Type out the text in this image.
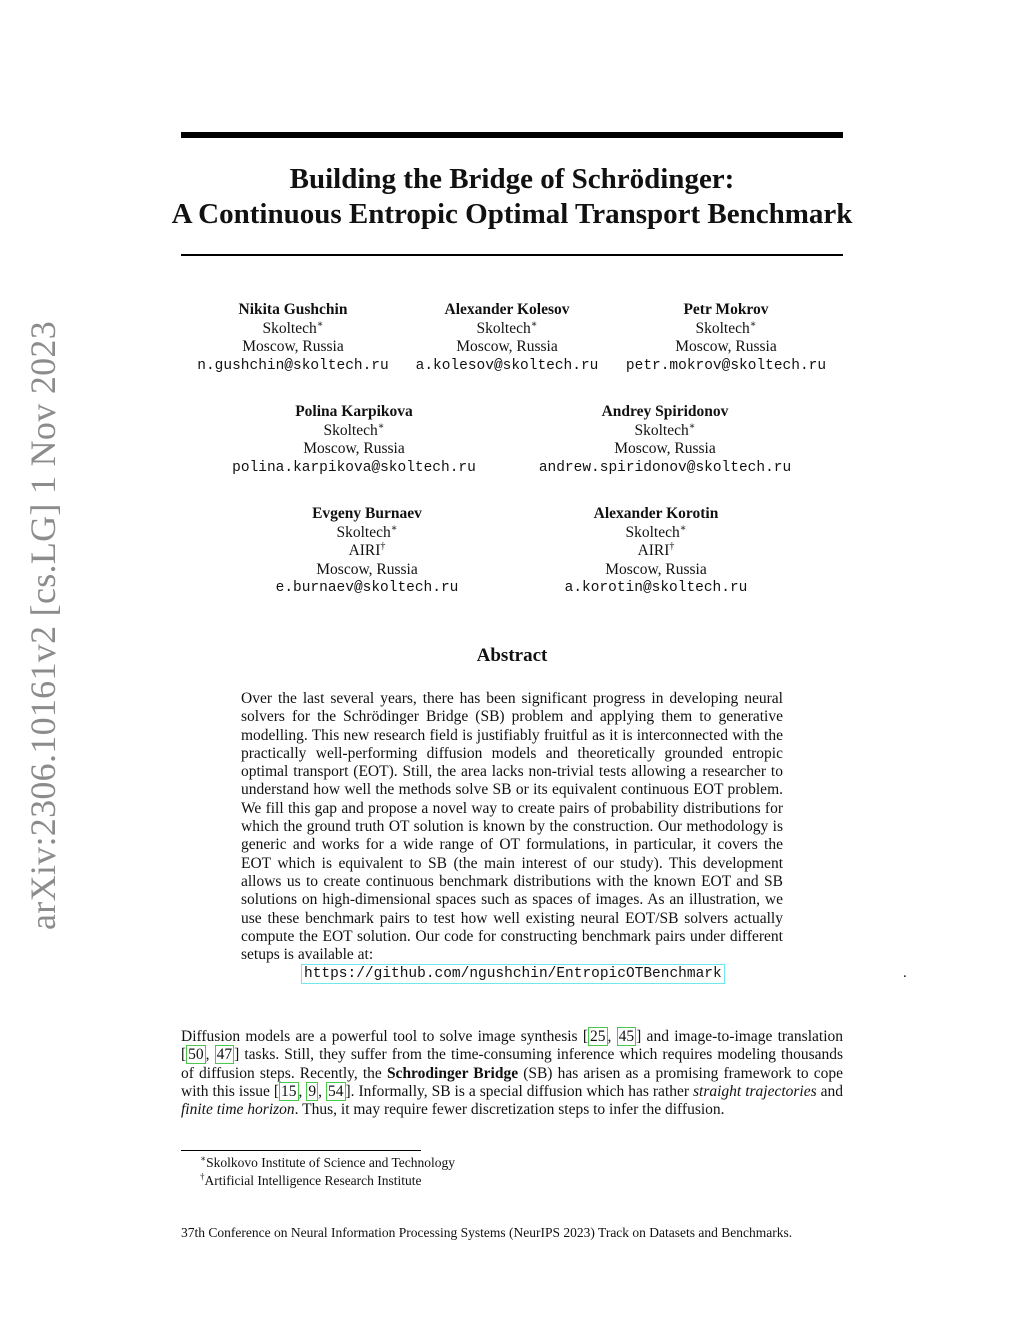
arXiv:2306.10161v2 [cs.LG] 1 Nov 2023
Building the Bridge of Schrödinger:
A Continuous Entropic Optimal Transport Benchmark
Nikita Gushchin
Skoltech∗
Moscow, Russia
n.gushchin@skoltech.ru
Alexander Kolesov
Skoltech∗
Moscow, Russia
a.kolesov@skoltech.ru
Petr Mokrov
Skoltech∗
Moscow, Russia
petr.mokrov@skoltech.ru
Polina Karpikova
Skoltech∗
Moscow, Russia
polina.karpikova@skoltech.ru
Andrey Spiridonov
Skoltech∗
Moscow, Russia
andrew.spiridonov@skoltech.ru
Evgeny Burnaev
Skoltech∗
AIRI†
Moscow, Russia
e.burnaev@skoltech.ru
Alexander Korotin
Skoltech∗
AIRI†
Moscow, Russia
a.korotin@skoltech.ru
Abstract

Over the last several years, there has been significant progress in developing neural solvers for the Schrödinger Bridge (SB) problem and applying them to generative modelling. This new research field is justifiably fruitful as it is interconnected with the practically well-performing diffusion models and theoretically grounded entropic optimal transport (EOT). Still, the area lacks non-trivial tests allowing a researcher to understand how well the methods solve SB or its equivalent continuous EOT problem. We fill this gap and propose a novel way to create pairs of probability distributions for which the ground truth OT solution is known by the construction. Our methodology is generic and works for a wide range of OT formulations, in particular, it covers the EOT which is equivalent to SB (the main interest of our study). This development allows us to create continuous benchmark distributions with the known EOT and SB solutions on high-dimensional spaces such as spaces of images. As an illustration, we use these benchmark pairs to test how well existing neural EOT/SB solvers actually compute the EOT solution. Our code for constructing benchmark pairs under different setups is available at:

https://github.com/ngushchin/EntropicOTBenchmark	.

Diffusion models are a powerful tool to solve image synthesis [ 25 , 45 ] and image-to-image translation [ 50 , 47 ] tasks. Still, they suffer from the time-consuming inference which requires modeling thousands of diffusion steps. Recently, the Schrodinger Bridge (SB) has arisen as a promising framework to cope with this issue [ 15 , 9 , 54 ]. Informally, SB is a special diffusion which has rather straight trajectories and finite time horizon. Thus, it may require fewer discretization steps to infer the diffusion.

∗Skolkovo Institute of Science and Technology
†Artificial Intelligence Research Institute
37th Conference on Neural Information Processing Systems (NeurIPS 2023) Track on Datasets and Benchmarks.
